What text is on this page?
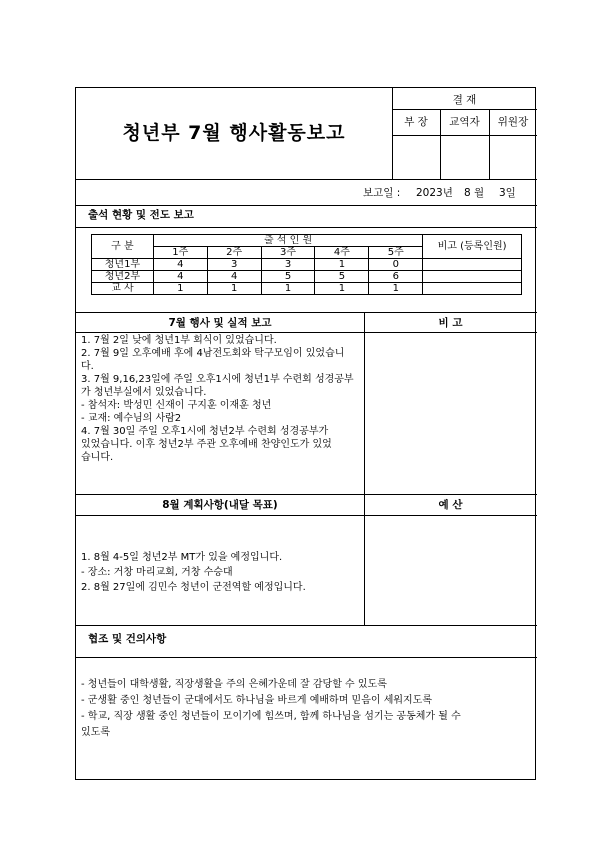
청년부 7월 행사활동보고
결 재
부 장	교역자	위원장
보고일 : 2023년 8 월 3일
출석 현황 및 전도 보고
구 분	출 석 인 원					비고 (등록인원)
	1주	2주	3주	4주	5주	
청년1부	4	3	3	1	0	
청년2부	4	4	5	5	6	
교 사	1	1	1	1	1	
7월 행사 및 실적 보고	비 고
1. 7월 2일 낮에 청년1부 회식이 있었습니다.
2. 7월 9일 오후예배 후에 4남전도회와 탁구모임이 있었습니
다.
3. 7월 9,16,23일에 주일 오후1시에 청년1부 수련회 성경공부
가 청년부실에서 있었습니다.
- 참석자: 박성민 신재이 구지훈 이재훈 청년
- 교재: 예수님의 사람2
4. 7월 30일 주일 오후1시에 청년2부 수련회 성경공부가
있었습니다. 이후 청년2부 주관 오후예배 찬양인도가 있었
습니다.
8월 계획사항(내달 목표)	예 산
1. 8월 4-5일 청년2부 MT가 있을 예정입니다.
- 장소: 거창 마리교회, 거창 수승대
2. 8월 27일에 김민수 청년이 군전역할 예정입니다.
협조 및 건의사항
- 청년들이 대학생활, 직장생활을 주의 은혜가운데 잘 감당할 수 있도록
- 군생활 중인 청년들이 군대에서도 하나님을 바르게 예배하며 믿음이 세워지도록
- 학교, 직장 생활 중인 청년들이 모이기에 힘쓰며, 함께 하나님을 섬기는 공동체가 될 수
있도록
